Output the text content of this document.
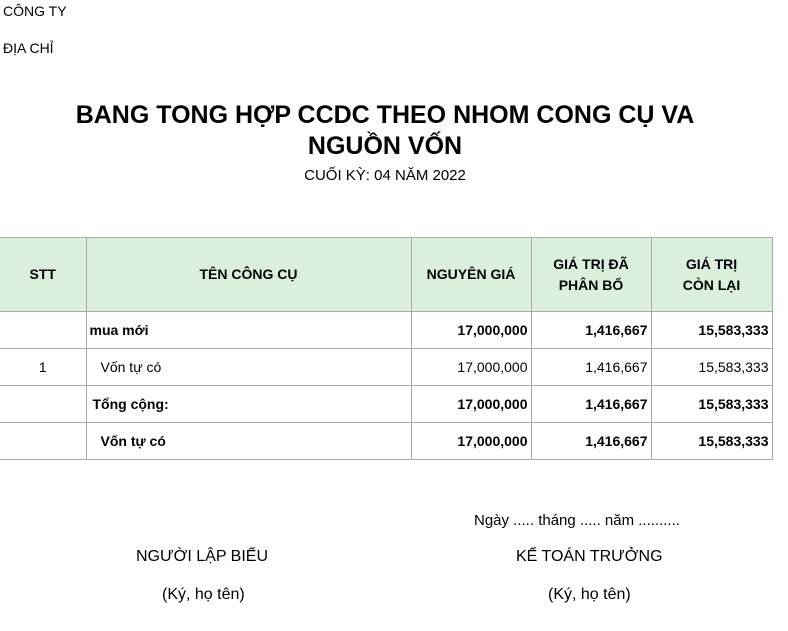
CÔNG TY
ĐỊA CHỈ
BANG TONG HỢP CCDC THEO NHOM CONG CỤ VA NGUỒN VỐN
CUỐI KỲ: 04 NĂM 2022
STT	TÊN CÔNG CỤ	NGUYÊN GIÁ	GIÁ TRỊ ĐÃ PHÂN BỔ	GIÁ TRỊ CÒN LẠI
	mua mới	17,000,000	1,416,667	15,583,333
1	Vốn tự có	17,000,000	1,416,667	15,583,333
	Tổng cộng:	17,000,000	1,416,667	15,583,333
	Vốn tự có	17,000,000	1,416,667	15,583,333
Ngày ..... tháng ..... năm ..........
NGƯỜI LẬP BIỂU	KẾ TOÁN TRƯỞNG
(Ký, họ tên)	(Ký, họ tên)
